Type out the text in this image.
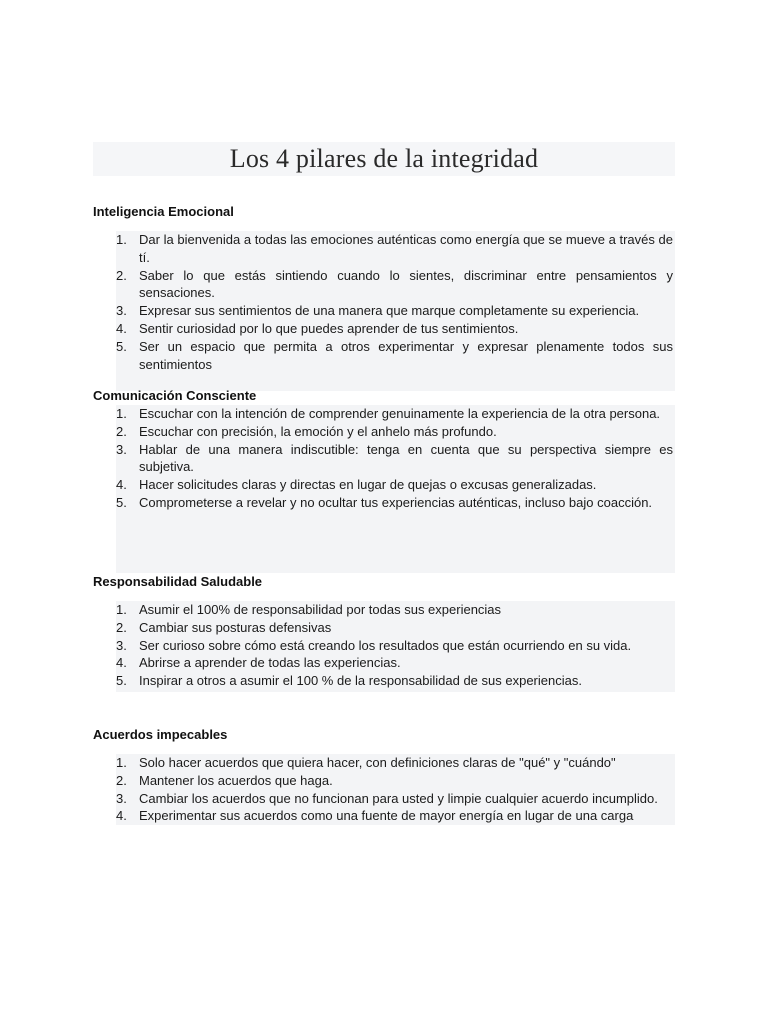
Los 4 pilares de la integridad
Inteligencia Emocional
1. Dar la bienvenida a todas las emociones auténticas como energía que se mueve a través de tí.
2. Saber lo que estás sintiendo cuando lo sientes, discriminar entre pensamientos y sensaciones.
3. Expresar sus sentimientos de una manera que marque completamente su experiencia.
4. Sentir curiosidad por lo que puedes aprender de tus sentimientos.
5. Ser un espacio que permita a otros experimentar y expresar plenamente todos sus sentimientos
Comunicación Consciente
1. Escuchar con la intención de comprender genuinamente la experiencia de la otra persona.
2. Escuchar con precisión, la emoción y el anhelo más profundo.
3. Hablar de una manera indiscutible: tenga en cuenta que su perspectiva siempre es subjetiva.
4. Hacer solicitudes claras y directas en lugar de quejas o excusas generalizadas.
5. Comprometerse a revelar y no ocultar tus experiencias auténticas, incluso bajo coacción.
Responsabilidad Saludable
1. Asumir el 100% de responsabilidad por todas sus experiencias
2. Cambiar sus posturas defensivas
3. Ser curioso sobre cómo está creando los resultados que están ocurriendo en su vida.
4. Abrirse a aprender de todas las experiencias.
5. Inspirar a otros a asumir el 100 % de la responsabilidad de sus experiencias.
Acuerdos impecables
1. Solo hacer acuerdos que quiera hacer, con definiciones claras de "qué" y "cuándo"
2. Mantener los acuerdos que haga.
3. Cambiar los acuerdos que no funcionan para usted y limpie cualquier acuerdo incumplido.
4. Experimentar sus acuerdos como una fuente de mayor energía en lugar de una carga
